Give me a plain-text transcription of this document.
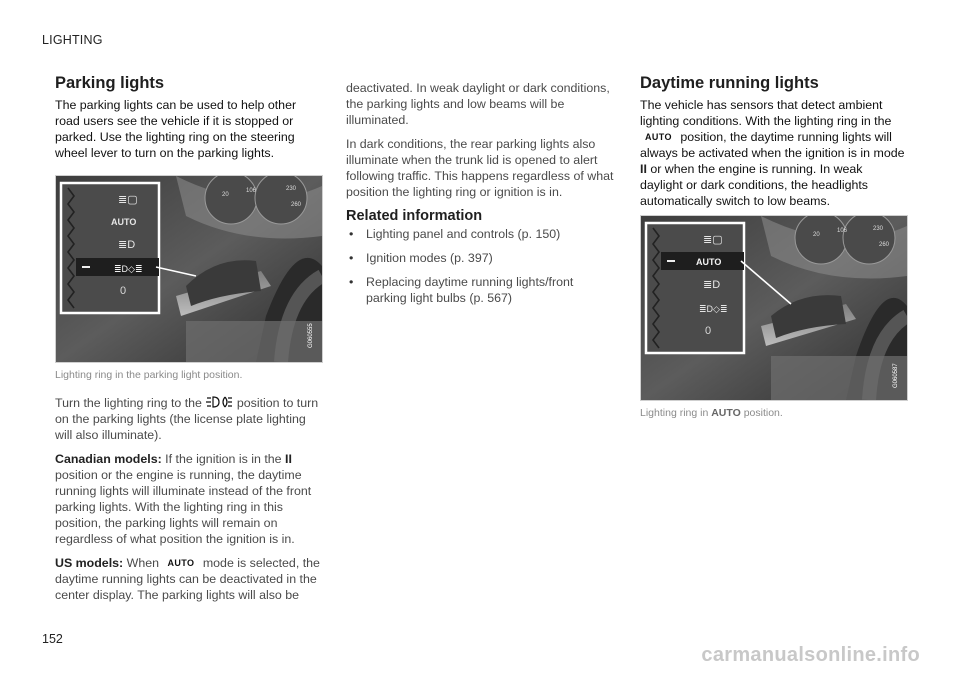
LIGHTING
Parking lights

The parking lights can be used to help other road users see the vehicle if it is stopped or parked. Use the lighting ring on the steering wheel lever to turn on the parking lights.

20
106	230
260
≣▢
AUTO
≣D
≣D◇≣
0
G060555
Lighting ring in the parking light position.

Turn the lighting ring to the	position to turn on the parking lights (the license plate lighting will also illuminate).

Canadian models: If the ignition is in the II position or the engine is running, the daytime running lights will illuminate instead of the front parking lights. With the lighting ring in this position, the parking lights will remain on regardless of what position the ignition is in.

US models: When AUTO mode is selected, the daytime running lights can be deactivated in the center display. The parking lights will also be

deactivated. In weak daylight or dark conditions, the parking lights and low beams will be illuminated.

In dark conditions, the rear parking lights also illuminate when the trunk lid is opened to alert following traffic. This happens regardless of what position the lighting ring or ignition is in.

Related information
• Lighting panel and controls (p. 150)
• Ignition modes (p. 397)
• Replacing daytime running lights/front parking light bulbs (p. 567)
Daytime running lights

The vehicle has sensors that detect ambient lighting conditions. With the lighting ring in the AUTO position, the daytime running lights will always be activated when the ignition is in mode II or when the engine is running. In weak daylight or dark conditions, the headlights automatically switch to low beams.

20
106	230
260
≣▢
AUTO
≣D
≣D◇≣
0
G060587
Lighting ring in AUTO position.
152
carmanualsonline.info
